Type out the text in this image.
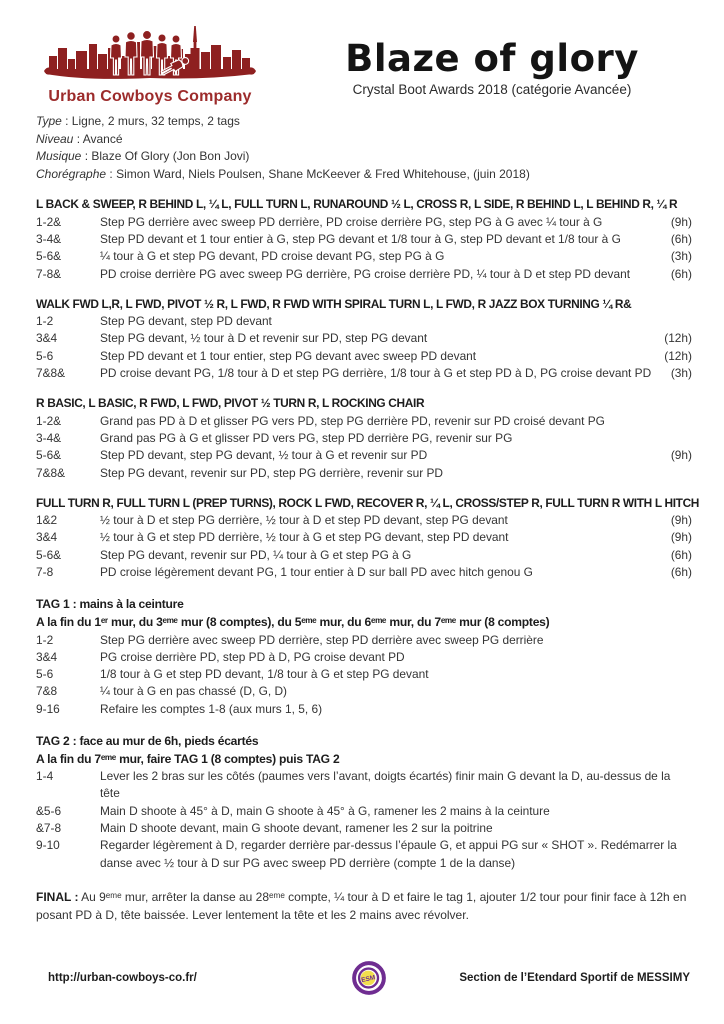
Urban Cowboys Company
Blaze of glory
Crystal Boot Awards 2018 (catégorie Avancée)
Type : Ligne, 2 murs, 32 temps, 2 tags
Niveau : Avancé
Musique : Blaze Of Glory (Jon Bon Jovi)
Chorégraphe : Simon Ward, Niels Poulsen, Shane McKeever & Fred Whitehouse, (juin 2018)
L BACK & SWEEP, R BEHIND L, ¼ L, FULL TURN L, RUNAROUND ½ L, CROSS R, L SIDE, R BEHIND L, L BEHIND R, ¼ R
1-2&	Step PG derrière avec sweep PD derrière, PD croise derrière PG, step PG à G avec ¼ tour à G	(9h)
3-4&	Step PD devant et 1 tour entier à G, step PG devant et 1/8 tour à G, step PD devant et 1/8 tour à G	(6h)
5-6&	¼ tour à G et step PG devant, PD croise devant PG, step PG à G	(3h)
7-8&	PD croise derrière PG avec sweep PG derrière, PG croise derrière PD, ¼ tour à D et step PD devant	(6h)
WALK FWD L,R, L FWD, PIVOT ½ R, L FWD, R FWD WITH SPIRAL TURN L, L FWD, R JAZZ BOX TURNING ¼ R&
1-2	Step PG devant, step PD devant
3&4	Step PG devant, ½ tour à D et revenir sur PD, step PG devant	(12h)
5-6	Step PD devant et 1 tour entier, step PG devant avec sweep PD devant	(12h)
7&8&	PD croise devant PG, 1/8 tour à D et step PG derrière, 1/8 tour à G et step PD à D, PG croise devant PD	(3h)
R BASIC, L BASIC, R FWD, L FWD, PIVOT ½ TURN R, L ROCKING CHAIR
1-2&	Grand pas PD à D et glisser PG vers PD, step PG derrière PD, revenir sur PD croisé devant PG
3-4&	Grand pas PG à G et glisser PD vers PG, step PD derrière PG, revenir sur PG
5-6&	Step PD devant, step PG devant, ½ tour à G et revenir sur PD	(9h)
7&8&	Step PG devant, revenir sur PD, step PG derrière, revenir sur PD
FULL TURN R, FULL TURN L (PREP TURNS), ROCK L FWD, RECOVER R, ¼ L, CROSS/STEP R, FULL TURN R WITH L HITCH
1&2	½ tour à D et step PG derrière, ½ tour à D et step PD devant, step PG devant	(9h)
3&4	½ tour à G et step PD derrière, ½ tour à G et step PG devant, step PD devant	(9h)
5-6&	Step PG devant, revenir sur PD, ¼ tour à G et step PG à G	(6h)
7-8	PD croise légèrement devant PG, 1 tour entier à D sur ball PD avec hitch genou G	(6h)
TAG 1 : mains à la ceinture
A la fin du 1ᵉʳ mur, du 3ᵉᵐᵉ mur (8 comptes), du 5ᵉᵐᵉ mur, du 6ᵉᵐᵉ mur, du 7ᵉᵐᵉ mur (8 comptes)
1-2	Step PG derrière avec sweep PD derrière, step PD derrière avec sweep PG derrière
3&4	PG croise derrière PD, step PD à D, PG croise devant PD
5-6	1/8 tour à G et step PD devant, 1/8 tour à G et step PG devant
7&8	¼ tour à G en pas chassé (D, G, D)
9-16	Refaire les comptes 1-8 (aux murs 1, 5, 6)
TAG 2 : face au mur de 6h, pieds écartés
A la fin du 7ᵉᵐᵉ mur, faire TAG 1 (8 comptes) puis TAG 2
1-4	Lever les 2 bras sur les côtés (paumes vers l’avant, doigts écartés) finir main G devant la D, au-dessus de la tête
&5-6	Main D shoote à 45° à D, main G shoote à 45° à G, ramener les 2 mains à la ceinture
&7-8	Main D shoote devant, main G shoote devant, ramener les 2 sur la poitrine
9-10	Regarder légèrement à D, regarder derrière par-dessus l’épaule G, et appui PG sur « SHOT ». Redémarrer la danse avec ½ tour à D sur PG avec sweep PD derrière (compte 1 de la danse)
FINAL : Au 9ᵉᵐᵉ mur, arrêter la danse au 28ᵉᵐᵉ compte, ¼ tour à D et faire le tag 1, ajouter 1/2 tour pour finir face à 12h en posant PD à D, tête baissée. Lever lentement la tête et les 2 mains avec révolver.
http://urban-cowboys-co.fr/	ESM	Section de l’Etendard Sportif de MESSIMY
